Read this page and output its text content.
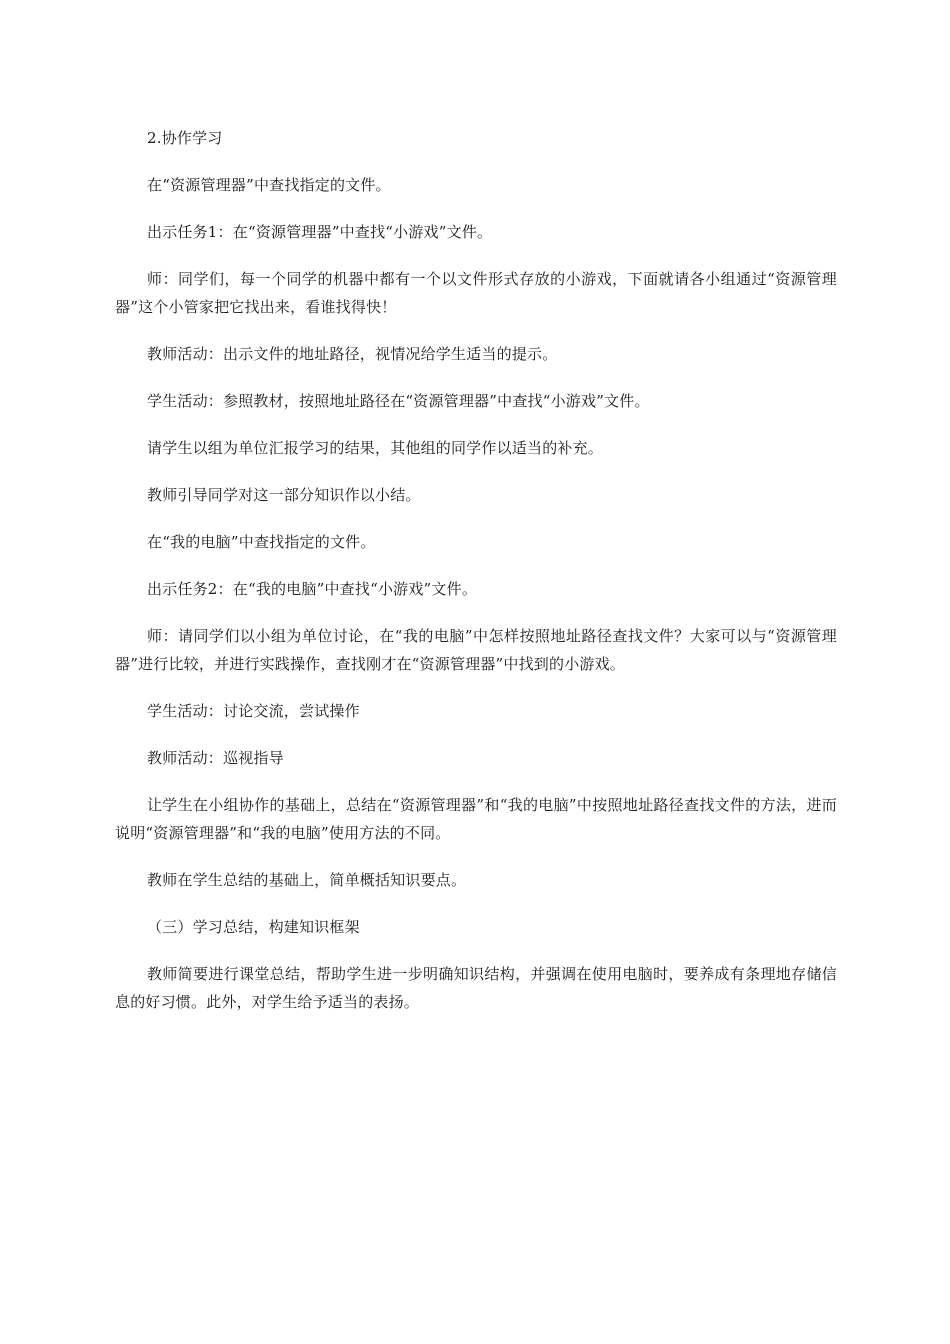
2.协作学习

在“资源管理器”中查找指定的文件。

出示任务1：在“资源管理器”中查找“小游戏”文件。

师：同学们，每一个同学的机器中都有一个以文件形式存放的小游戏，下面就请各小组通过“资源管理器”这个小管家把它找出来，看谁找得快！

教师活动：出示文件的地址路径，视情况给学生适当的提示。

学生活动：参照教材，按照地址路径在“资源管理器”中查找“小游戏”文件。

请学生以组为单位汇报学习的结果，其他组的同学作以适当的补充。

教师引导同学对这一部分知识作以小结。

在“我的电脑”中查找指定的文件。

出示任务2：在“我的电脑”中查找“小游戏”文件。

师：请同学们以小组为单位讨论，在“我的电脑”中怎样按照地址路径查找文件？大家可以与“资源管理器”进行比较，并进行实践操作，查找刚才在“资源管理器”中找到的小游戏。

学生活动：讨论交流，尝试操作

教师活动：巡视指导

让学生在小组协作的基础上，总结在“资源管理器”和“我的电脑”中按照地址路径查找文件的方法，进而说明“资源管理器”和“我的电脑”使用方法的不同。

教师在学生总结的基础上，简单概括知识要点。

（三）学习总结，构建知识框架

教师简要进行课堂总结，帮助学生进一步明确知识结构，并强调在使用电脑时，要养成有条理地存储信息的好习惯。此外，对学生给予适当的表扬。
